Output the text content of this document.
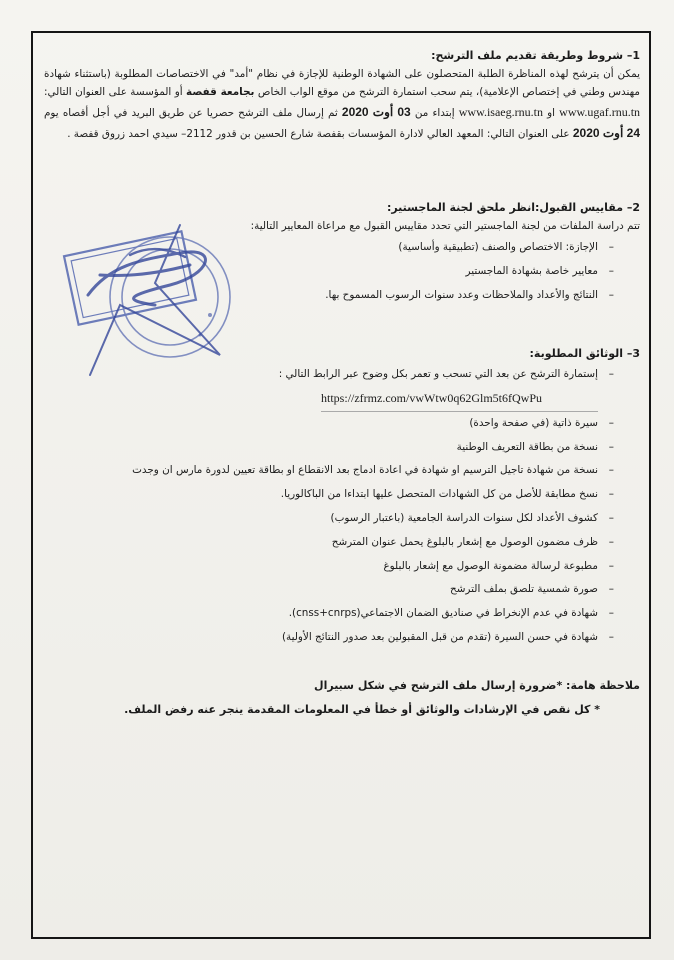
1– شروط وطريقة تقديم ملف الترشح:

يمكن أن يترشح لهذه المناظرة الطلبة المتحصلون على الشهادة الوطنية للإجازة في نظام "أمد" في الاختصاصات المطلوبة (باستثناء شهادة مهندس وطني في إختصاص الإعلامية)، يتم سحب استمارة الترشح من موقع الواب الخاص بجامعة قفصة أو المؤسسة على العنوان التالي: www.ugaf.rnu.tn او www.isaeg.rnu.tn إبتداء من 03 أوت 2020 ثم إرسال ملف الترشح حصريا عن طريق البريد في أجل أقصاه يوم 24 أوت 2020 على العنوان التالي: المعهد العالي لادارة المؤسسات بقفصة شارع الحسين بن قدور 2112– سيدي احمد زروق قفصة .

2– مقاييس القبول:انظر ملحق لجنة الماجستير:

تتم دراسة الملفات من لجنة الماجستير التي تحدد مقاييس القبول مع مراعاة المعايير التالية:

– الإجازة: الاختصاص والصنف (تطبيقية وأساسية)
– معايير خاصة بشهادة الماجستير
– النتائج والأعداد والملاحظات وعدد سنوات الرسوب المسموح بها.

3– الوثائق المطلوبة:

– إستمارة الترشح عن بعد التي تسحب و تعمر بكل وضوح عبر الرابط التالي :
https://zfrmz.com/vwWtw0q62Glm5t6fQwPu
– سيرة ذاتية (في صفحة واحدة)
– نسخة من بطاقة التعريف الوطنية
– نسخة من شهادة تاجيل الترسيم او شهادة في اعادة ادماج بعد الانقطاع او بطاقة تعيين لدورة مارس ان وجدت
– نسخ مطابقة للأصل من كل الشهادات المتحصل عليها ابتداءا من الباكالوريا.
– كشوف الأعداد لكل سنوات الدراسة الجامعية (باعتبار الرسوب)
– ظرف مضمون الوصول مع إشعار بالبلوغ يحمل عنوان المترشح
– مطبوعة لرسالة مضمونة الوصول مع إشعار بالبلوغ
– صورة شمسية تلصق بملف الترشح
– شهادة في عدم الإنخراط في صناديق الضمان الاجتماعي(cnss+cnrps).
– شهادة في حسن السيرة (تقدم من قبل المقبولين بعد صدور النتائج الأولية)
ملاحظة هامة: *ضرورة إرسال ملف الترشح في شكل سبيرال
* كل نقص في الإرشادات والوثائق أو خطأ في المعلومات المقدمة ينجر عنه رفض الملف.
